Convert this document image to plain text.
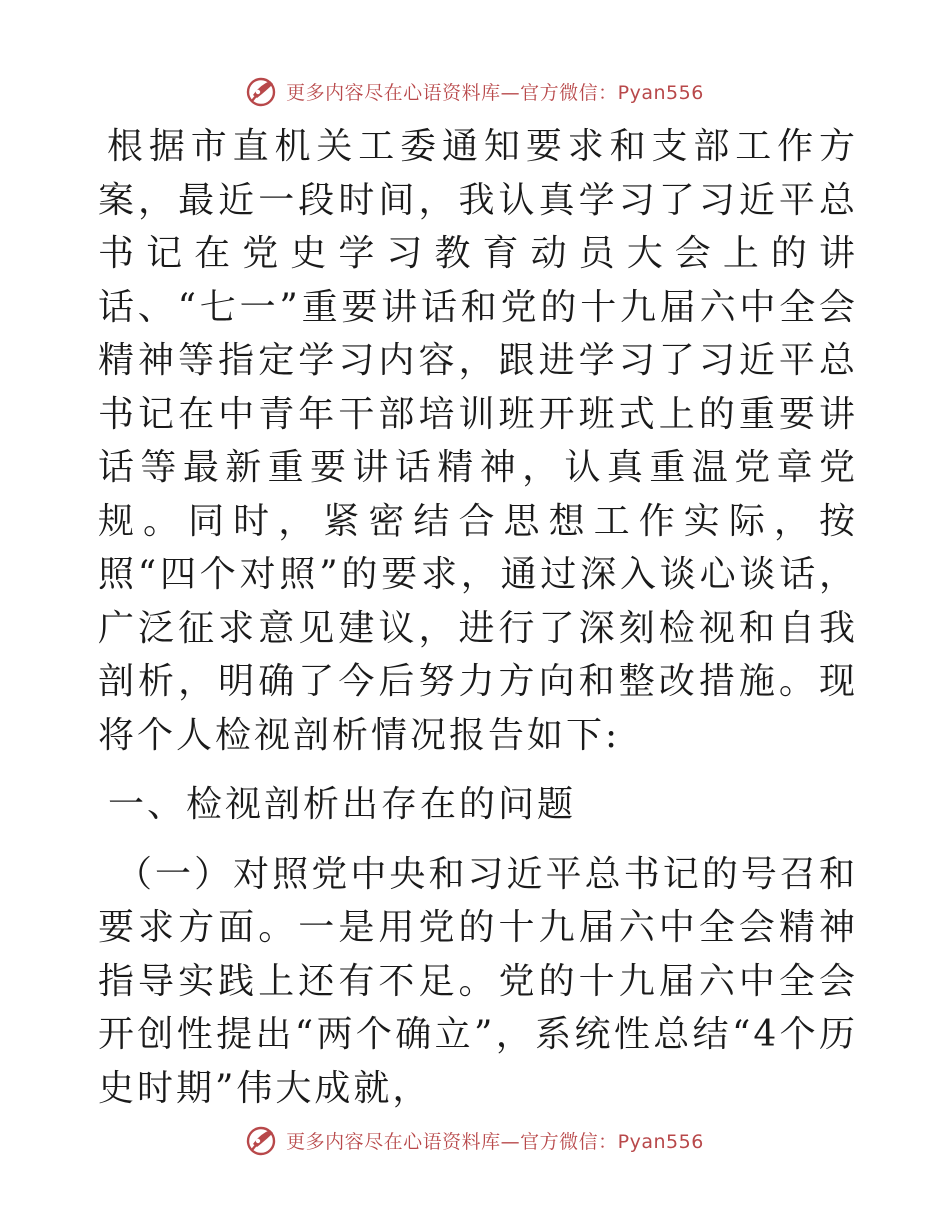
更多内容尽在心语资料库—官方微信：Pyan556

根据市直机关工委通知要求和支部工作方案，最近一段时间，我认真学习了习近平总书记在党史学习教育动员大会上的讲话、“七一”重要讲话和党的十九届六中全会精神等指定学习内容，跟进学习了习近平总书记在中青年干部培训班开班式上的重要讲话等最新重要讲话精神，认真重温党章党规。同时，紧密结合思想工作实际，按照“四个对照”的要求，通过深入谈心谈话，广泛征求意见建议，进行了深刻检视和自我剖析，明确了今后努力方向和整改措施。现将个人检视剖析情况报告如下:

一、检视剖析出存在的问题

（一）对照党中央和习近平总书记的号召和要求方面。一是用党的十九届六中全会精神指导实践上还有不足。党的十九届六中全会开创性提出“两个确立”，系统性总结“4个历史时期”伟大成就，

更多内容尽在心语资料库—官方微信：Pyan556
